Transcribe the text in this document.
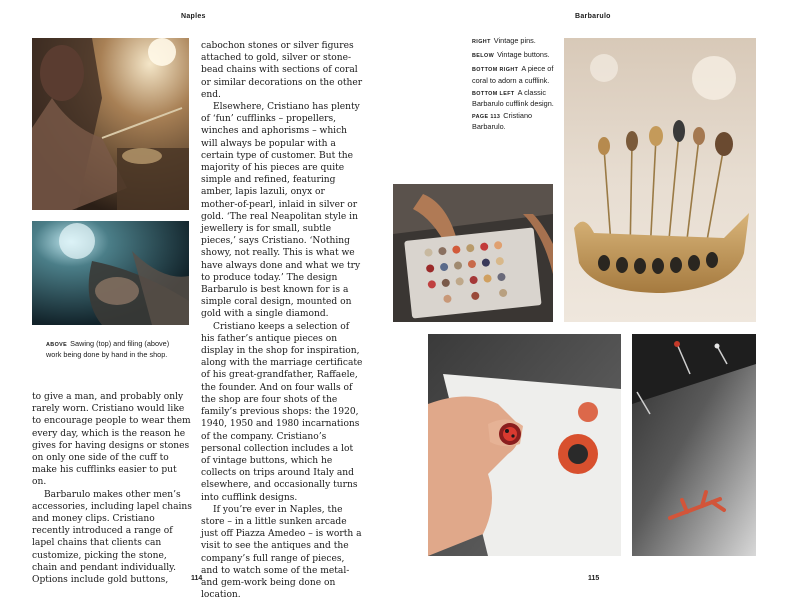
Naples	Barbarulo
ABOVE Sawing (top) and filing (above) work being done by hand in the shop.

to give a man, and probably only rarely worn. Cristiano would like to encourage people to wear them every day, which is the reason he gives for having designs or stones on only one side of the cuff to make his cufflinks easier to put on.

Barbarulo makes other men’s accessories, including lapel chains and money clips. Cristiano recently introduced a range of lapel chains that clients can customize, picking the stone, chain and pendant individually. Options include gold buttons,

cabochon stones or silver figures attached to gold, silver or stone-bead chains with sections of coral or similar decorations on the other end.

Elsewhere, Cristiano has plenty of ‘fun’ cufflinks – propellers, winches and aphorisms – which will always be popular with a certain type of customer. But the majority of his pieces are quite simple and refined, featuring amber, lapis lazuli, onyx or mother-of-pearl, inlaid in silver or gold. ‘The real Neapolitan style in jewellery is for small, subtle pieces,’ says Cristiano. ‘Nothing showy, not really. This is what we have always done and what we try to produce today.’ The design Barbarulo is best known for is a simple coral design, mounted on gold with a single diamond.

Cristiano keeps a selection of his father’s antique pieces on display in the shop for inspiration, along with the marriage certificate of his great-grandfather, Raffaele, the founder. And on four walls of the shop are four shots of the family’s previous shops: the 1920, 1940, 1950 and 1980 incarnations of the company. Cristiano’s personal collection includes a lot of vintage buttons, which he collects on trips around Italy and elsewhere, and occasionally turns into cufflink designs.

If you’re ever in Naples, the store – in a little sunken arcade just off Piazza Amedeo – is worth a visit to see the antiques and the company’s full range of pieces, and to watch some of the metal- and gem-work being done on location.

114	115

RIGHT Vintage pins.

BELOW Vintage buttons.

BOTTOM RIGHT A piece of coral to adorn a cufflink.

BOTTOM LEFT A classic Barbarulo cufflink design.

PAGE 113 Cristiano Barbarulo.
